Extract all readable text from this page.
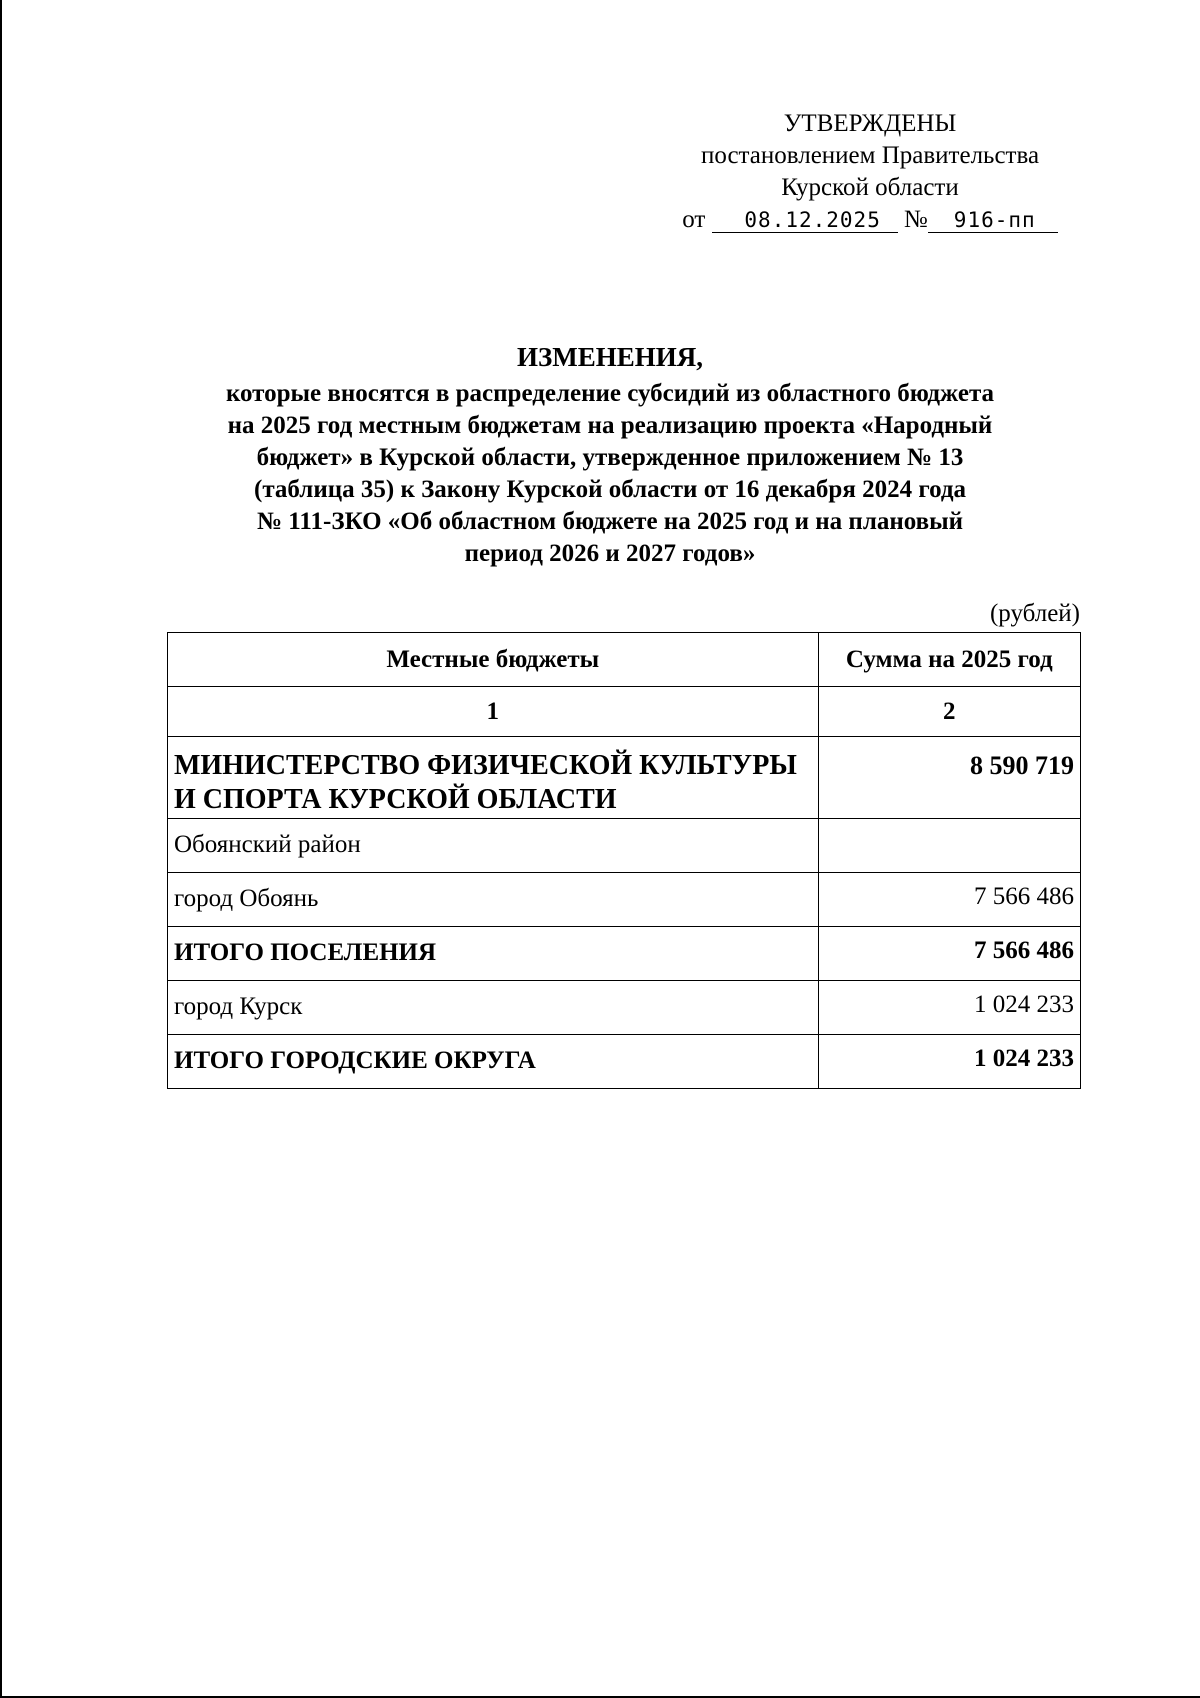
УТВЕРЖДЕНЫ
постановлением Правительства
Курской области
от 08.12.2025 № 916-пп
ИЗМЕНЕНИЯ,
которые вносятся в распределение субсидий из областного бюджета
на 2025 год местным бюджетам на реализацию проекта «Народный
бюджет» в Курской области, утвержденное приложением № 13
(таблица 35) к Закону Курской области от 16 декабря 2024 года
№ 111-ЗКО «Об областном бюджете на 2025 год и на плановый
период 2026 и 2027 годов»
(рублей)
Местные бюджеты	Сумма на 2025 год
1	2
МИНИСТЕРСТВО ФИЗИЧЕСКОЙ КУЛЬТУРЫ И СПОРТА КУРСКОЙ ОБЛАСТИ	8 590 719
Обоянский район	
город Обоянь	7 566 486
ИТОГО ПОСЕЛЕНИЯ	7 566 486
город Курск	1 024 233
ИТОГО ГОРОДСКИЕ ОКРУГА	1 024 233
